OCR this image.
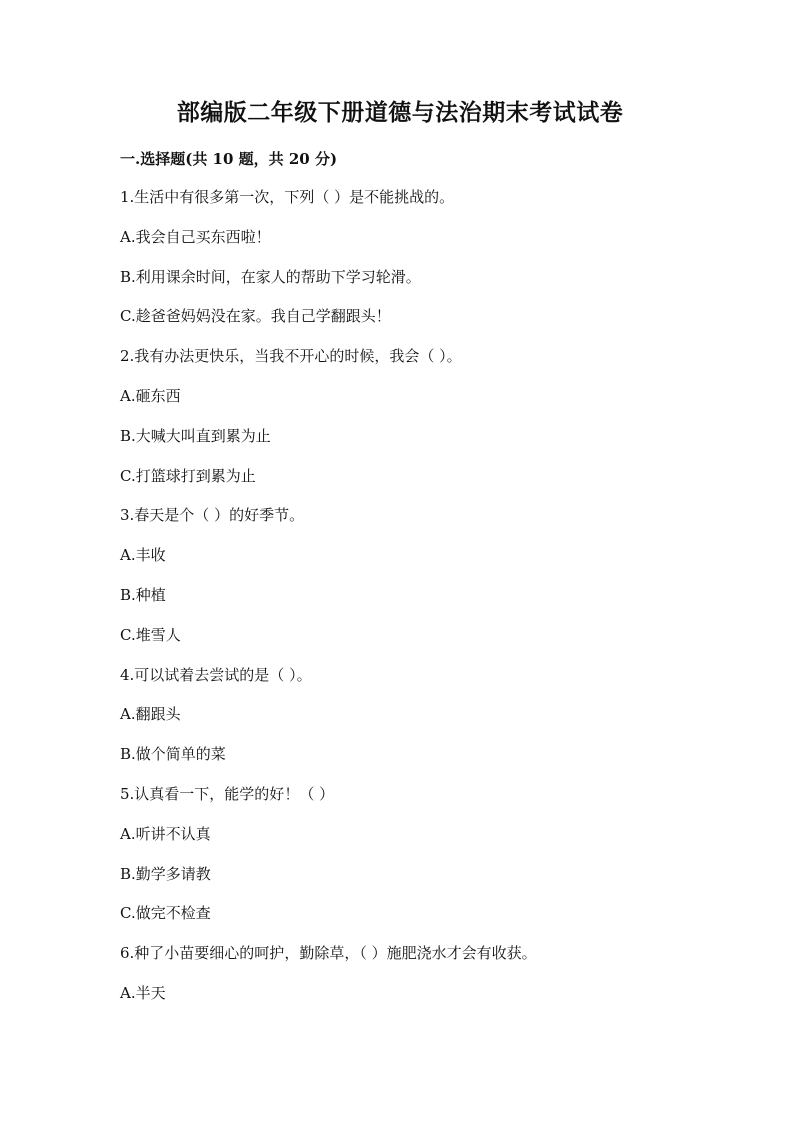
部编版二年级下册道德与法治期末考试试卷
一.选择题(共 10 题，共 20 分)
1.生活中有很多第一次，下列（ ）是不能挑战的。
A.我会自己买东西啦！
B.利用课余时间，在家人的帮助下学习轮滑。
C.趁爸爸妈妈没在家。我自己学翻跟头！
2.我有办法更快乐，当我不开心的时候，我会（ ）。
A.砸东西
B.大喊大叫直到累为止
C.打篮球打到累为止
3.春天是个（ ）的好季节。
A.丰收
B.种植
C.堆雪人
4.可以试着去尝试的是（ ）。
A.翻跟头
B.做个简单的菜
5.认真看一下，能学的好！（ ）
A.听讲不认真
B.勤学多请教
C.做完不检查
6.种了小苗要细心的呵护，勤除草，（ ）施肥浇水才会有收获。
A.半天
